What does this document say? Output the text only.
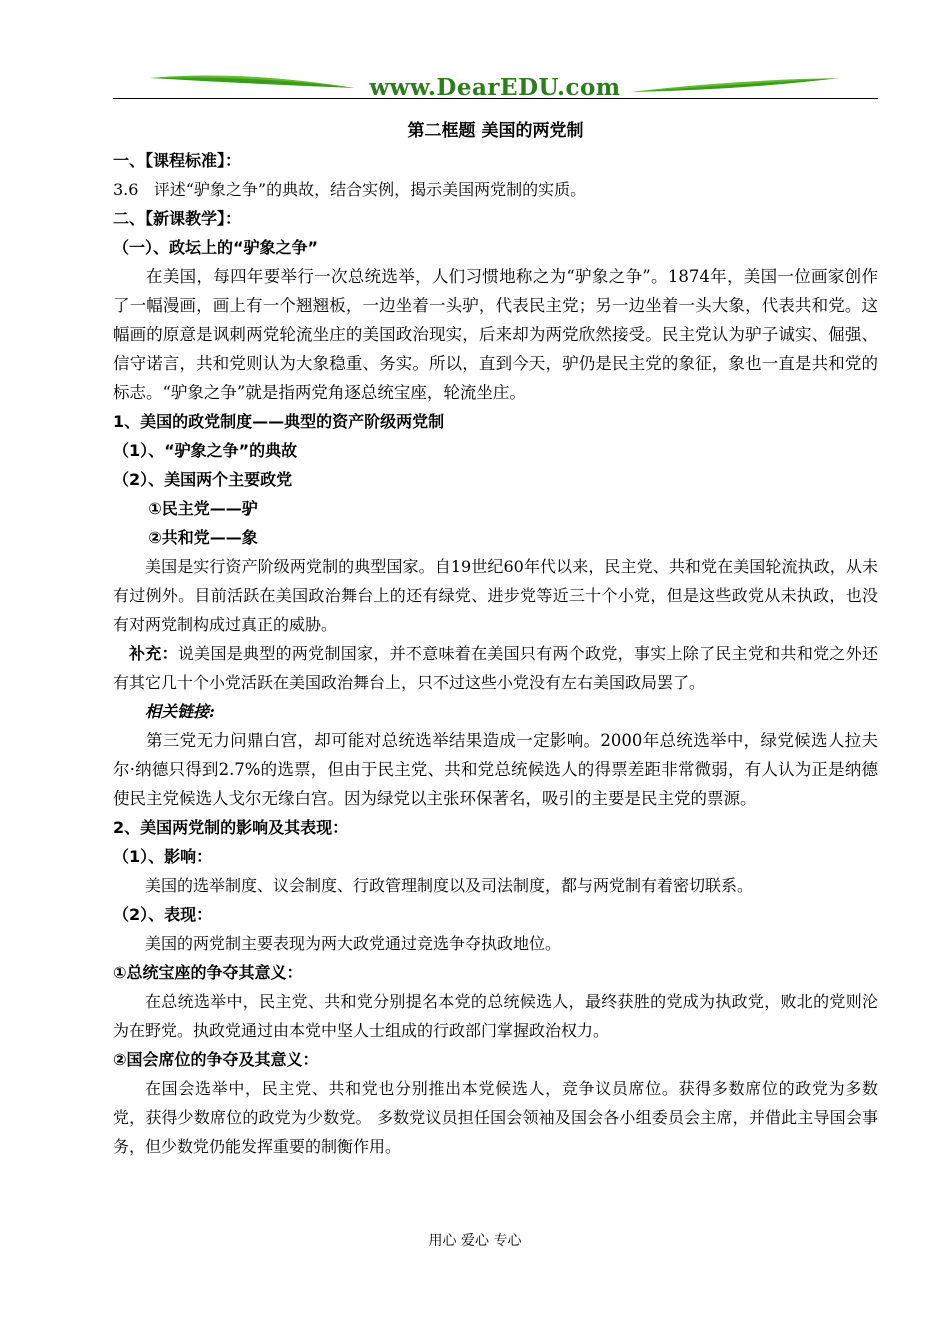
www.DearEDU.com
第二框题 美国的两党制
一、【课程标准】：
3.6 评述“驴象之争”的典故，结合实例，揭示美国两党制的实质。
二、【新课教学】：
（一）、政坛上的“驴象之争”
在美国，每四年要举行一次总统选举，人们习惯地称之为“驴象之争”。1874年，美国一位画家创作了一幅漫画，画上有一个翘翘板，一边坐着一头驴，代表民主党；另一边坐着一头大象，代表共和党。这幅画的原意是讽刺两党轮流坐庄的美国政治现实，后来却为两党欣然接受。民主党认为驴子诚实、倔强、信守诺言，共和党则认为大象稳重、务实。所以，直到今天，驴仍是民主党的象征，象也一直是共和党的标志。“驴象之争”就是指两党角逐总统宝座，轮流坐庄。
1、美国的政党制度——典型的资产阶级两党制
（1）、“驴象之争”的典故
（2）、美国两个主要政党
①民主党——驴
②共和党——象
美国是实行资产阶级两党制的典型国家。自19世纪60年代以来，民主党、共和党在美国轮流执政，从未有过例外。目前活跃在美国政治舞台上的还有绿党、进步党等近三十个小党，但是这些政党从未执政，也没有对两党制构成过真正的威胁。
补充：说美国是典型的两党制国家，并不意味着在美国只有两个政党，事实上除了民主党和共和党之外还有其它几十个小党活跃在美国政治舞台上，只不过这些小党没有左右美国政局罢了。
相关链接:
第三党无力问鼎白宫，却可能对总统选举结果造成一定影响。2000年总统选举中，绿党候选人拉夫尔·纳德只得到2.7%的选票，但由于民主党、共和党总统候选人的得票差距非常微弱，有人认为正是纳德使民主党候选人戈尔无缘白宫。因为绿党以主张环保著名，吸引的主要是民主党的票源。
2、美国两党制的影响及其表现：
（1）、影响：
美国的选举制度、议会制度、行政管理制度以及司法制度，都与两党制有着密切联系。
（2）、表现：
美国的两党制主要表现为两大政党通过竞选争夺执政地位。
①总统宝座的争夺其意义：
在总统选举中，民主党、共和党分别提名本党的总统候选人，最终获胜的党成为执政党，败北的党则沦为在野党。执政党通过由本党中坚人士组成的行政部门掌握政治权力。
②国会席位的争夺及其意义：
在国会选举中，民主党、共和党也分别推出本党候选人，竞争议员席位。获得多数席位的政党为多数党，获得少数席位的政党为少数党。 多数党议员担任国会领袖及国会各小组委员会主席，并借此主导国会事务，但少数党仍能发挥重要的制衡作用。
用心 爱心 专心
